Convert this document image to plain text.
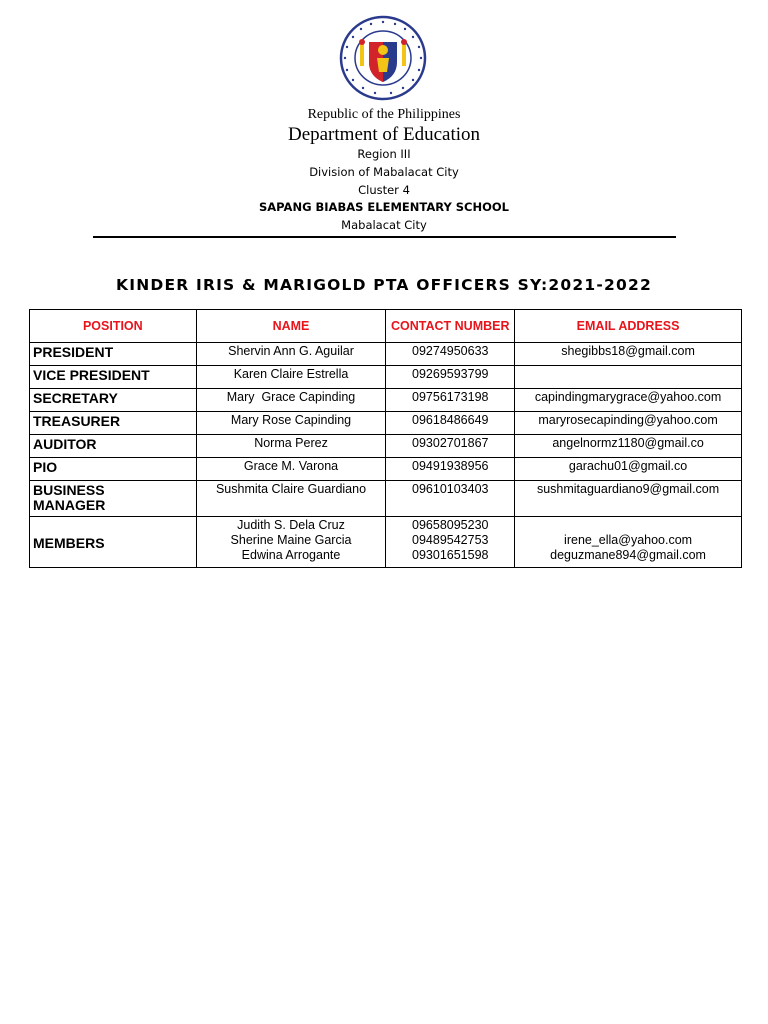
Republic of the Philippines
Department of Education
Region III
Division of Mabalacat City
Cluster 4
SAPANG BIABAS ELEMENTARY SCHOOL
Mabalacat City
KINDER IRIS & MARIGOLD PTA OFFICERS SY:2021-2022
POSITION	NAME	CONTACT NUMBER	EMAIL ADDRESS
PRESIDENT	Shervin Ann G. Aguilar	09274950633	shegibbs18@gmail.com
VICE PRESIDENT	Karen Claire Estrella	09269593799	
SECRETARY	Mary  Grace Capinding	09756173198	capindingmarygrace@yahoo.com
TREASURER	Mary Rose Capinding	09618486649	maryrosecapinding@yahoo.com
AUDITOR	Norma Perez	09302701867	angelnormz1180@gmail.co
PIO	Grace M. Varona	09491938956	garachu01@gmail.co

BUSINESS
MANAGER	Sushmita Claire Guardiano	09610103403	sushmitaguardiano9@gmail.com
MEMBERS	Judith S. Dela Cruz
Sherine Maine Garcia
Edwina Arrogante	09658095230
09489542753
09301651598	irene_ella@yahoo.com
deguzmane894@gmail.com
